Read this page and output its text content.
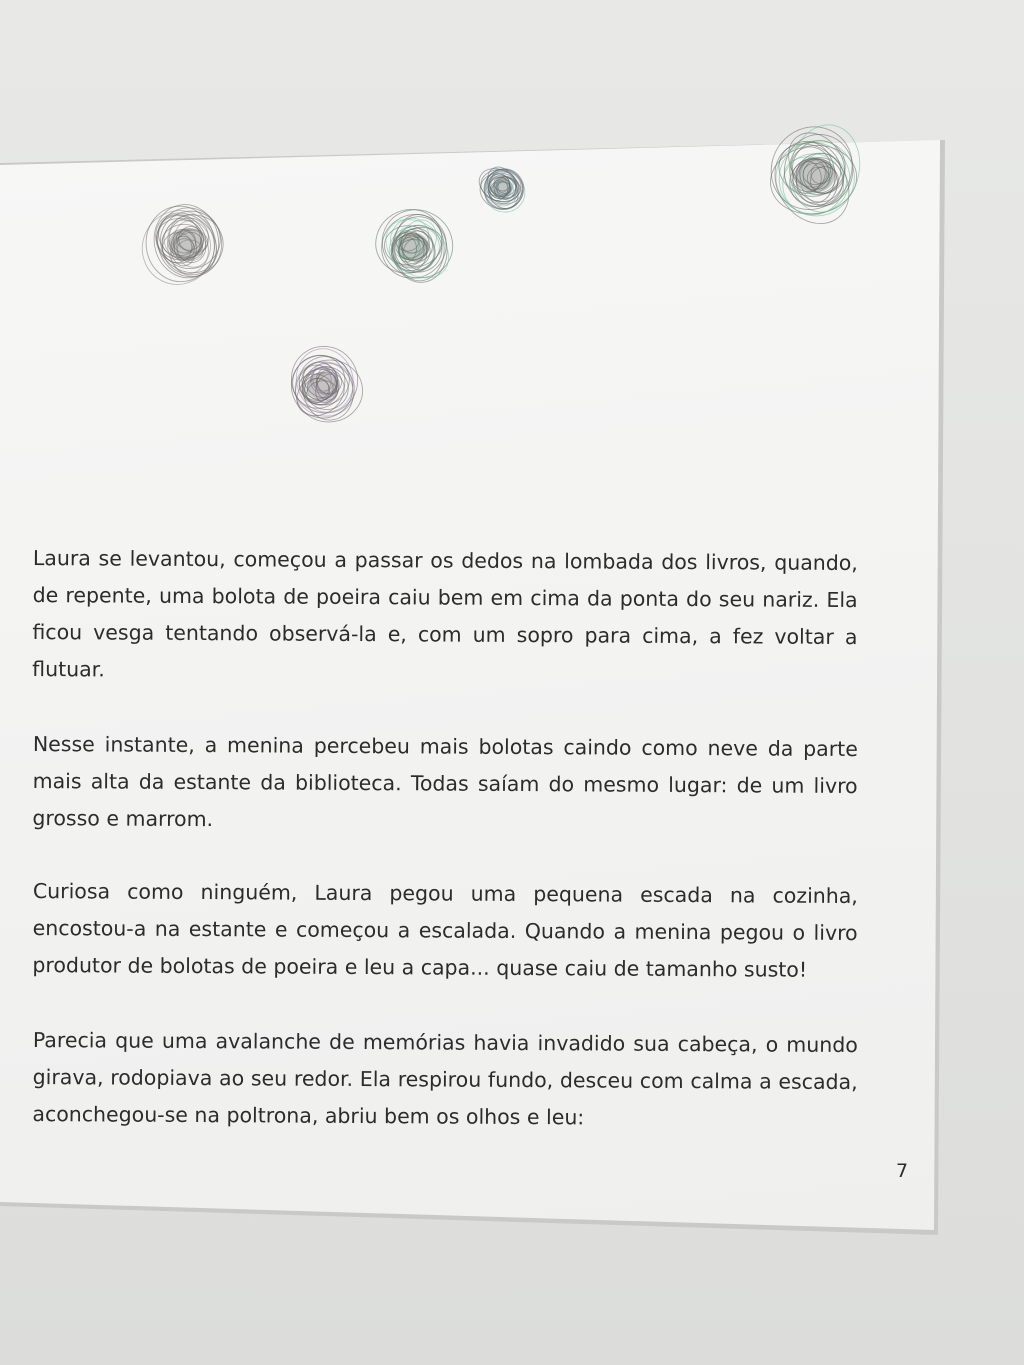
Laura se levantou, começou a passar os dedos na lombada dos livros, quando, de repente, uma bolota de poeira caiu bem em cima da ponta do seu nariz. Ela ficou vesga tentando observá-la e, com um sopro para cima, a fez voltar a flutuar.

Nesse instante, a menina percebeu mais bolotas caindo como neve da parte mais alta da estante da biblioteca. Todas saíam do mesmo lugar: de um livro grosso e marrom.

Curiosa como ninguém, Laura pegou uma pequena escada na cozinha, encostou-a na estante e começou a escalada. Quando a menina pegou o livro produtor de bolotas de poeira e leu a capa... quase caiu de tamanho susto!

Parecia que uma avalanche de memórias havia invadido sua cabeça, o mundo girava, rodopiava ao seu redor. Ela respirou fundo, desceu com calma a escada, aconchegou-se na poltrona, abriu bem os olhos e leu:

7
